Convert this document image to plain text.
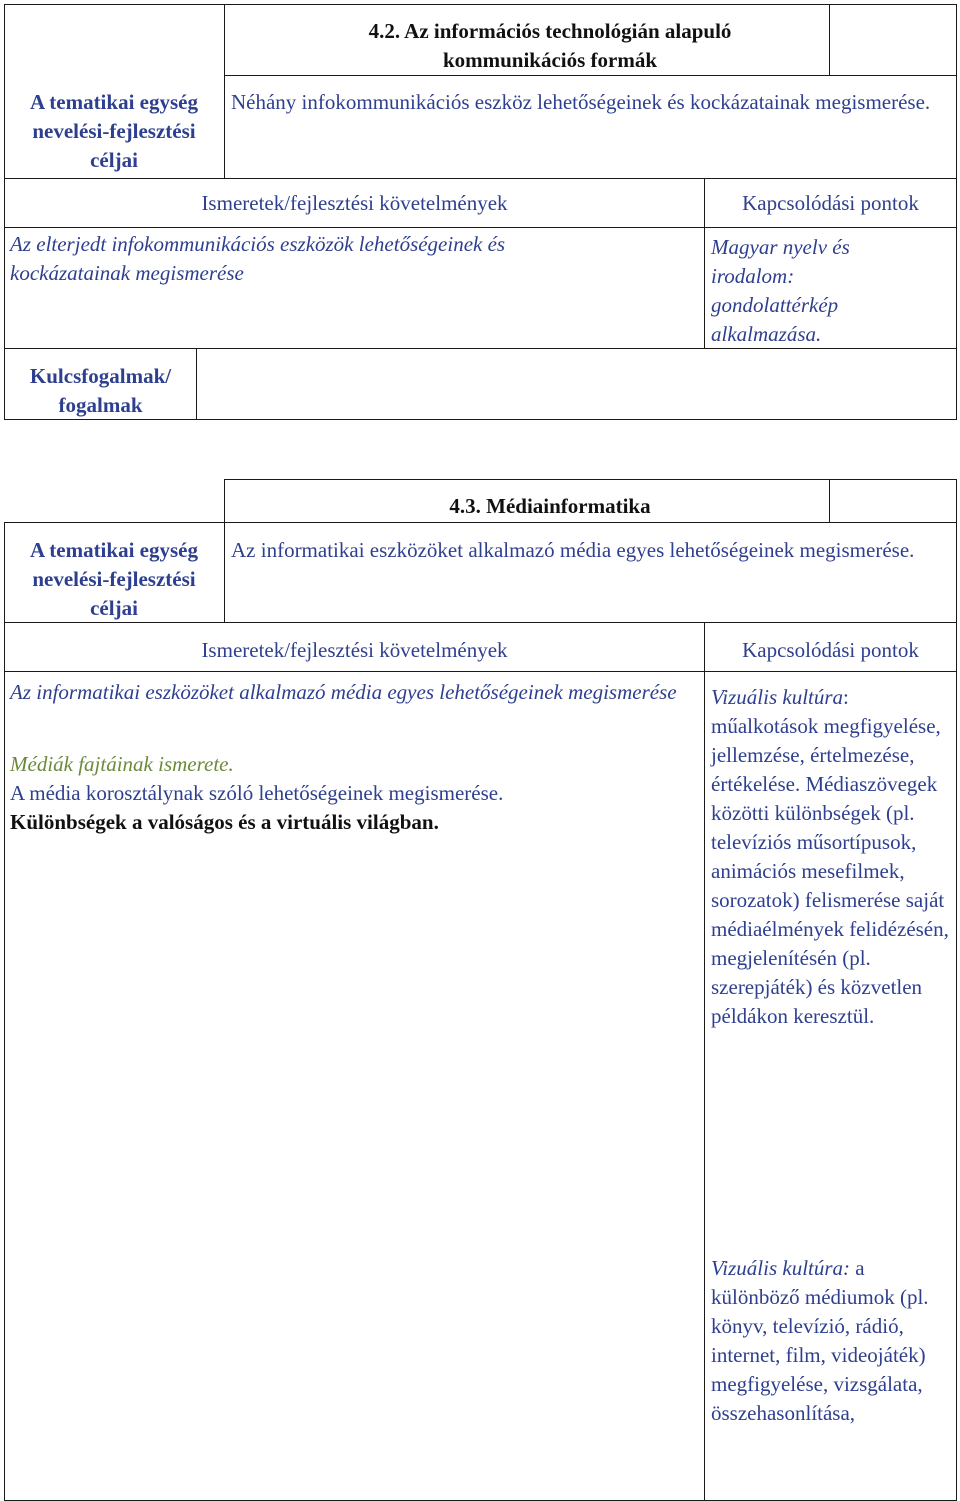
4.2. Az információs technológián alapuló kommunikációs formák
A tematikai egység nevelési-fejlesztési céljai
Néhány infokommunikációs eszköz lehetőségeinek és kockázatainak megismerése.
Ismeretek/fejlesztési követelmények	Kapcsolódási pontok
Az elterjedt infokommunikációs eszközök lehetőségeinek és kockázatainak megismerése
Magyar nyelv és irodalom: gondolattérkép alkalmazása.
Kulcsfogalmak/ fogalmak
4.3. Médiainformatika
A tematikai egység nevelési-fejlesztési céljai
Az informatikai eszközöket alkalmazó média egyes lehetőségeinek megismerése.
Ismeretek/fejlesztési követelmények	Kapcsolódási pontok
Az informatikai eszközöket alkalmazó média egyes lehetőségeinek megismerése
Médiák fajtáinak ismerete.
A média korosztálynak szóló lehetőségeinek megismerése.
Különbségek a valóságos és a virtuális világban.
Vizuális kultúra: műalkotások megfigyelése, jellemzése, értelmezése, értékelése. Médiaszövegek közötti különbségek (pl. televíziós műsortípusok, animációs mesefilmek, sorozatok) felismerése saját médiaélmények felidézésén, megjelenítésén (pl. szerepjáték) és közvetlen példákon keresztül.
Vizuális kultúra: a különböző médiumok (pl. könyv, televízió, rádió, internet, film, videojáték) megfigyelése, vizsgálata, összehasonlítása,
